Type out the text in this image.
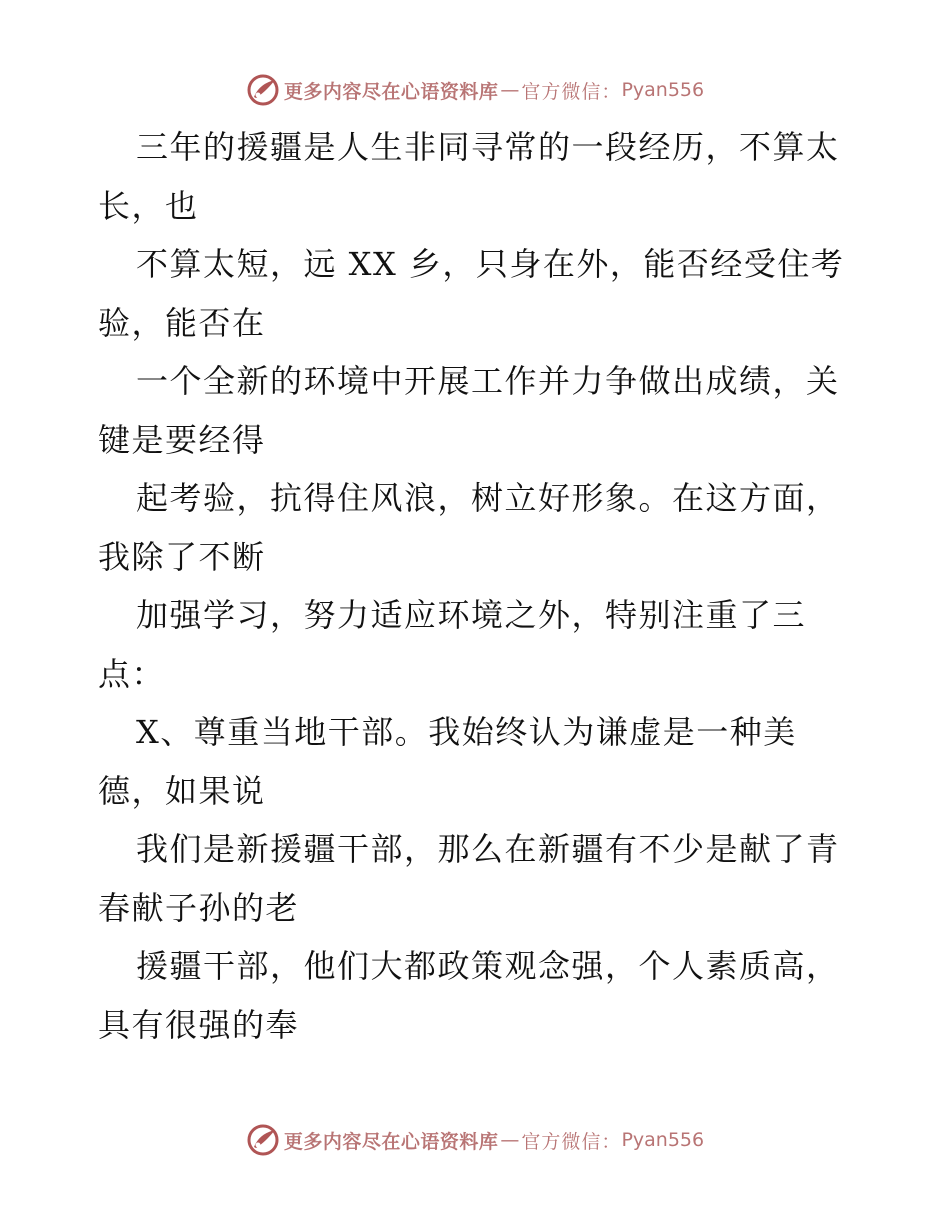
更多内容尽在心语资料库 — 官方微信： Pyan556
三年的援疆是人生非同寻常的一段经历，不算太
长，也
不算太短，远 XX 乡，只身在外，能否经受住考
验，能否在
一个全新的环境中开展工作并力争做出成绩，关
键是要经得
起考验，抗得住风浪，树立好形象。在这方面，
我除了不断
加强学习，努力适应环境之外，特别注重了三
点：
X、尊重当地干部。我始终认为谦虚是一种美
德，如果说
我们是新援疆干部，那么在新疆有不少是献了青
春献子孙的老
援疆干部，他们大都政策观念强，个人素质高，
具有很强的奉
更多内容尽在心语资料库 — 官方微信： Pyan556
